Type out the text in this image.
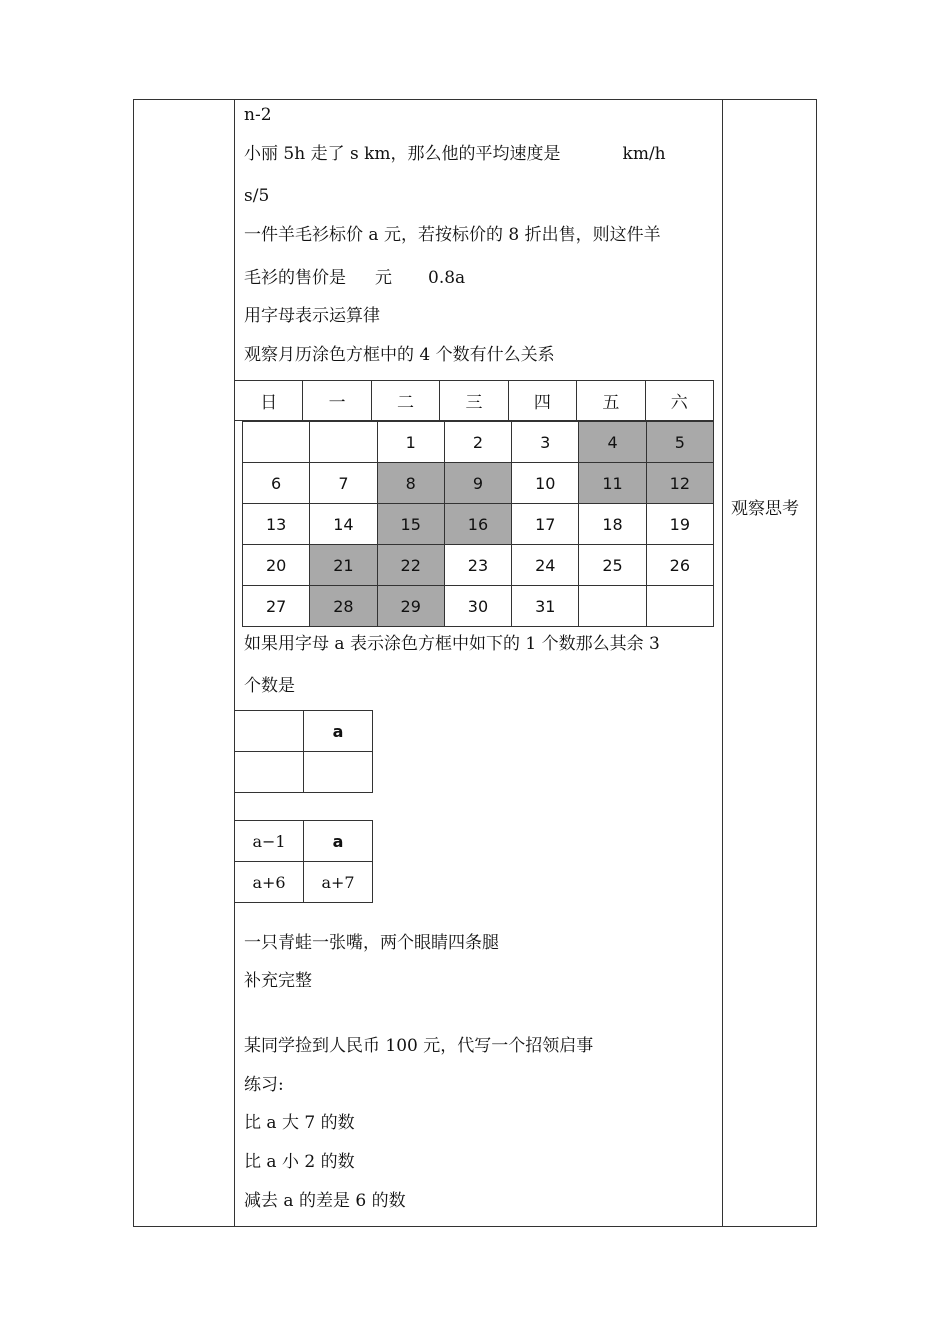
n-2
小丽 5h 走了 s km，那么他的平均速度是	km/h
s/5
一件羊毛衫标价 a 元，若按标价的 8 折出售，则这件羊
毛衫的售价是 元 0.8a
用字母表示运算律
观察月历涂色方框中的 4 个数有什么关系
日	一	二	三	四	五	六
		1	2	3	4	5
6	7	8	9	10	11	12
13	14	15	16	17	18	19
20	21	22	23	24	25	26
27	28	29	30	31		
如果用字母 a 表示涂色方框中如下的 1 个数那么其余 3
个数是
	a

a−1	a
a+6	a+7
一只青蛙一张嘴，两个眼睛四条腿
补充完整
某同学捡到人民币 100 元，代写一个招领启事
练习:
比 a 大 7 的数
比 a 小 2 的数
减去 a 的差是 6 的数
观察思考
